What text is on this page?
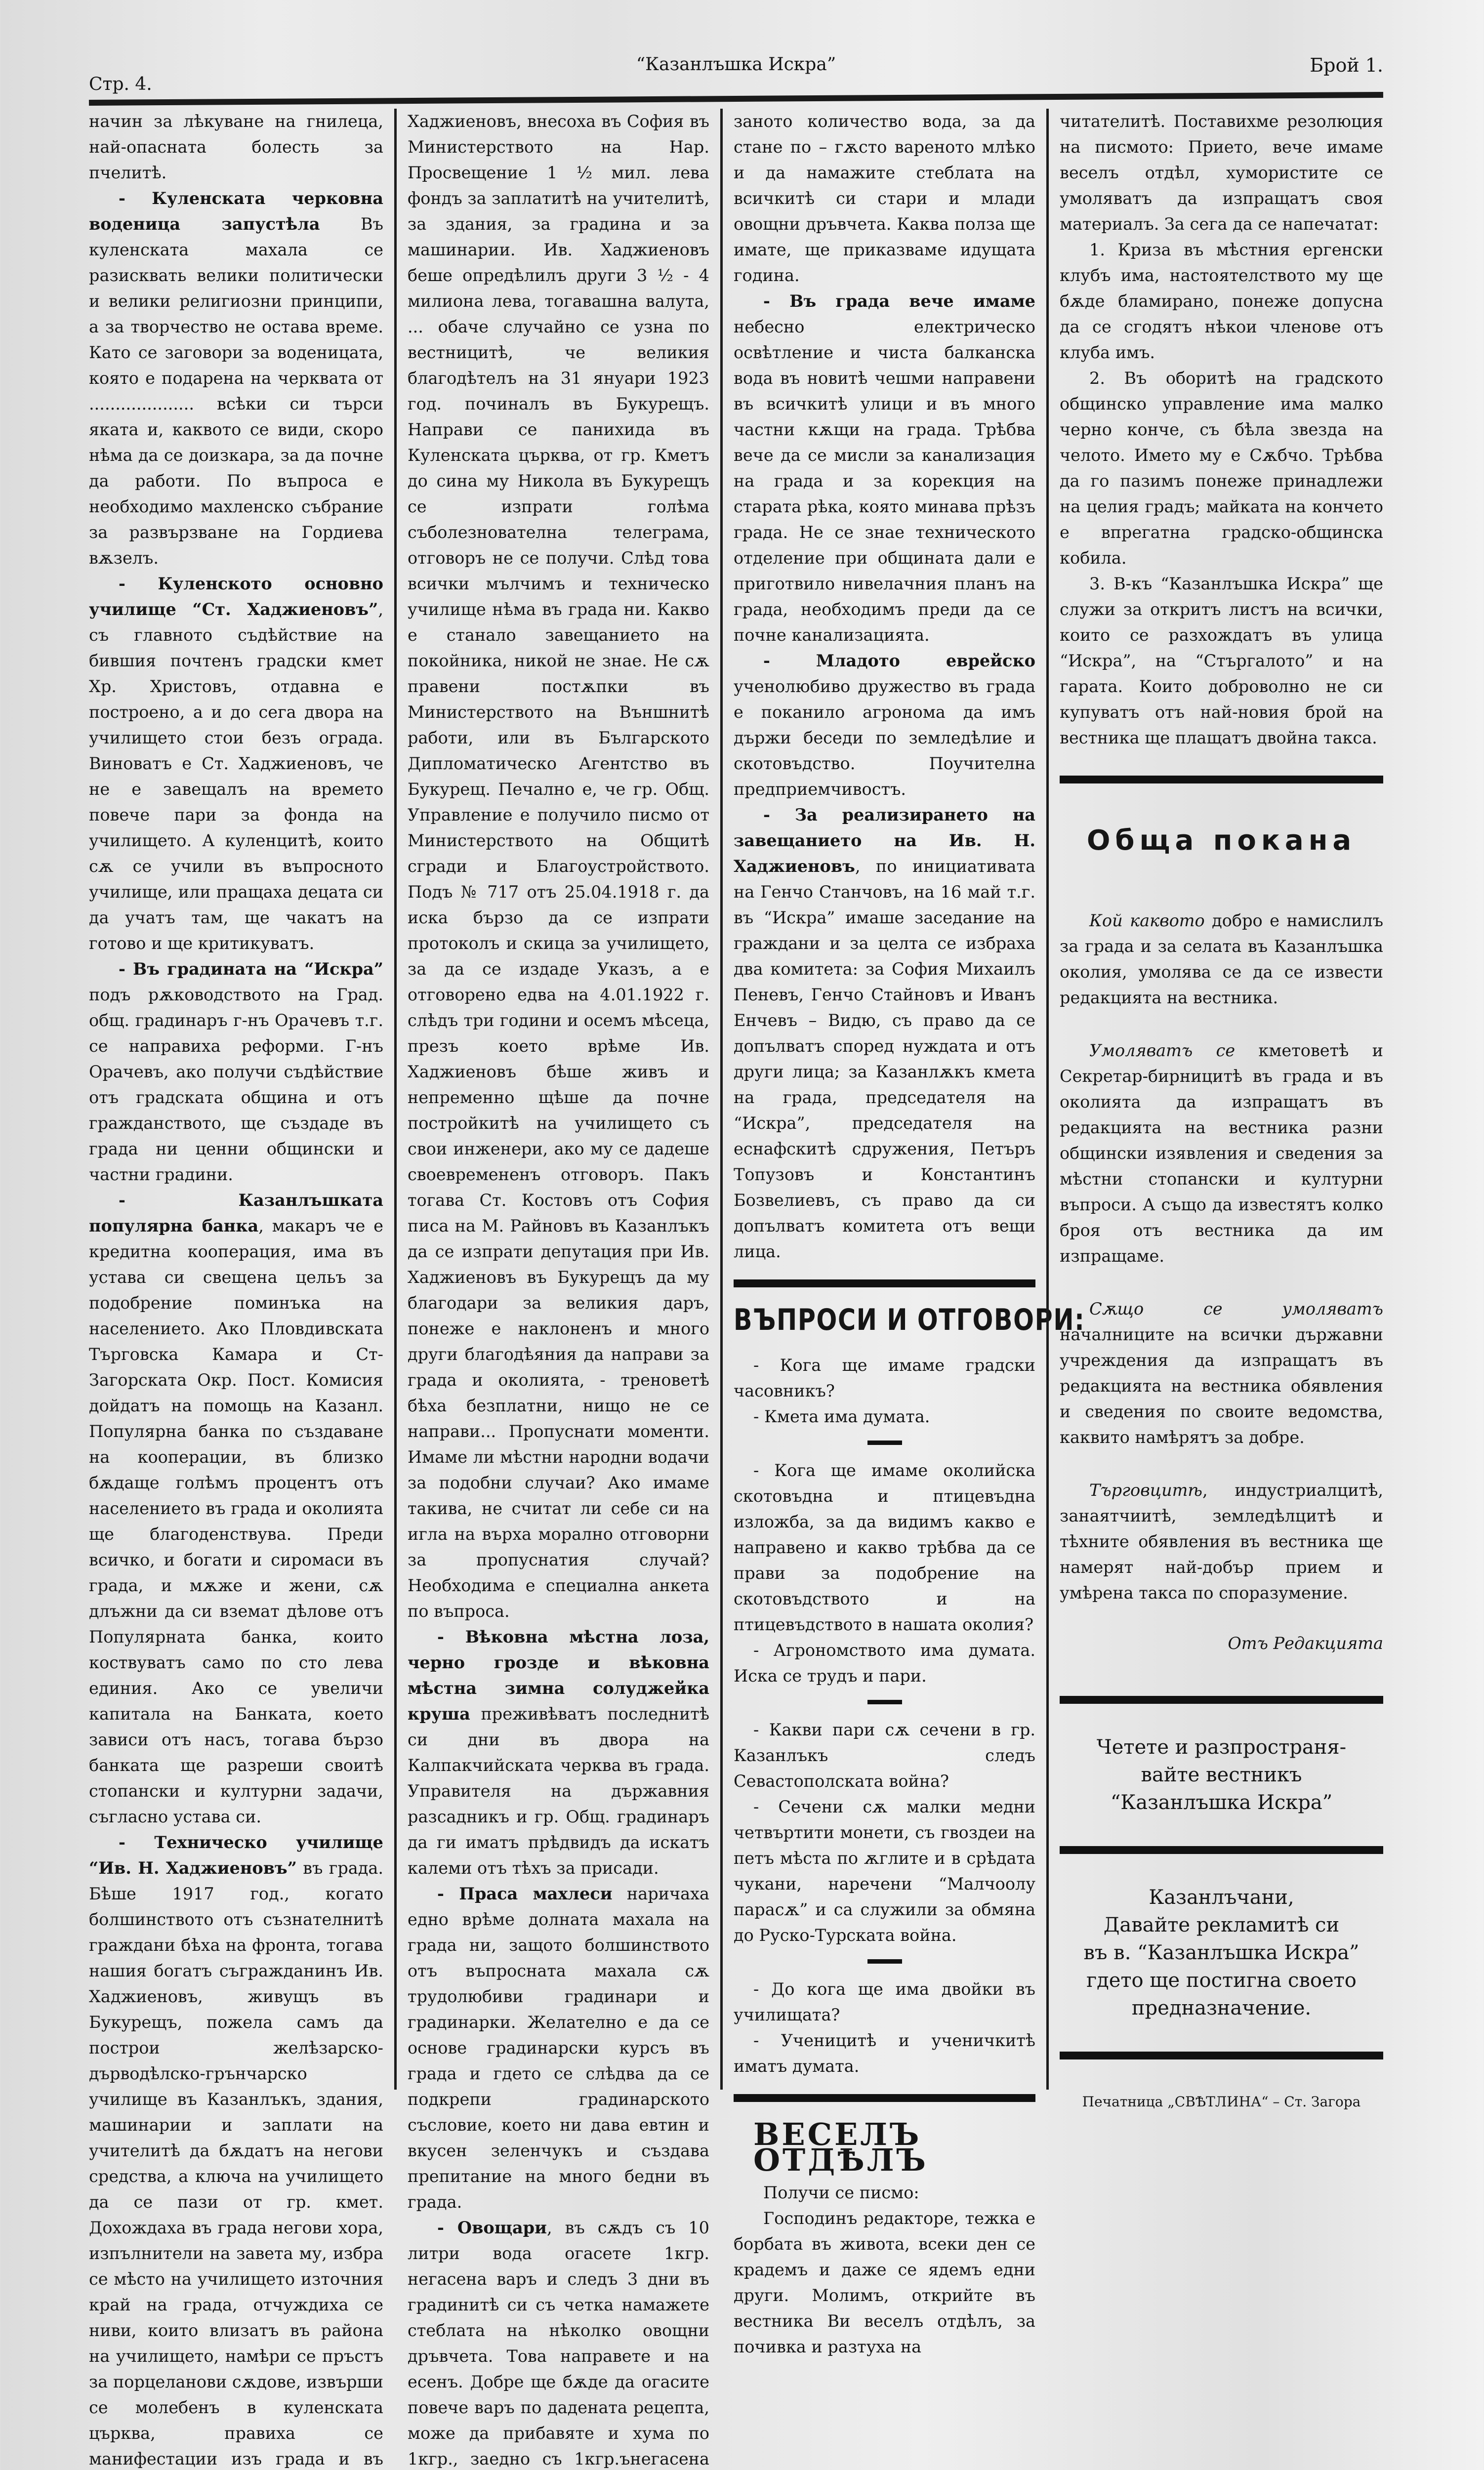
Стр. 4.
“Казанлъшка Искра”	Брой 1.

начин за лѣкуване на гнилеца, най-опасната болесть за пчелитѣ.

- Куленската черковна воденица запустѣла Въ куленската махала се разисквать велики политически и велики религиозни принципи, а за творчество не остава време. Като се заговори за воденицата, която е подарена на черквата от .................... всѣки си търси яката и, каквото се види, скоро нѣма да се доизкара, за да почне да работи. По въпроса е необходимо махленско събрание за развързване на Гордиева вѫзелъ.

- Куленското основно училище “Ст. Хаджиеновъ”, съ главното съдѣйствие на бившия почтенъ градски кмет Хр. Христовъ, отдавна е построено, а и до сега двора на училището стои безъ ограда. Виноватъ е Ст. Хаджиеновъ, че не е завещалъ на времето повече пари за фонда на училището. А куленцитѣ, които сѫ се учили въ въпросното училище, или пращаха децата си да учатъ там, ще чакатъ на готово и ще критикуватъ.

- Въ градината на “Искра” подъ рѫководството на Град. общ. градинаръ г-нъ Орачевъ т.г. се направиха реформи. Г-нъ Орачевъ, ако получи съдѣйствие отъ градската община и отъ гражданството, ще създаде въ града ни ценни общински и частни градини.

- Казанлъшката популярна банка, макаръ че е кредитна кооперация, има въ устава си свещена цельъ за подобрение поминъка на населението. Ако Пловдивската Търговска Камара и Ст-Загорската Окр. Пост. Комисия дойдатъ на помощь на Казанл. Популярна банка по създаване на кооперации, въ близко бѫдаще голѣмъ процентъ отъ населението въ града и околията ще благоденствува. Преди всичко, и богати и сиромаси въ града, и мѫже и жени, сѫ длъжни да си вземат дѣлове отъ Популярната банка, които коствуватъ само по сто лева единия. Ако се увеличи капитала на Банката, което зависи отъ насъ, тогава бързо банката ще разреши своитѣ стопански и културни задачи, съгласно устава си.

- Техническо училище “Ив. Н. Хаджиеновъ” въ града. Бѣше 1917 год., когато болшинството отъ съзнателнитѣ граждани бѣха на фронта, тогава нашия богатъ съгражданинъ Ив. Хаджиеновъ, живущъ въ Букурещъ, пожела самъ да построи желѣзарско-дърводѣлско-грънчарско училище въ Казанлъкъ, здания, машинарии и заплати на учителитѣ да бѫдатъ на негови средства, а ключа на училището да се пази от гр. кмет. Дохождаха въ града негови хора, изпълнители на завета му, избра се мѣсто на училището източния край на града, отчуждиха се ниви, които влизатъ въ района на училището, намѣри се пръстъ за порцеланови сѫдове, извърши се молебенъ в куленската църква, правиха се манифестации изъ града и въ

Хаджиеновъ, внесоха въ София въ Министерството на Нар. Просвещение 1 ½ мил. лева фондъ за заплатитѣ на учителитѣ, за здания, за градина и за машинарии. Ив. Хаджиеновъ беше опредѣлилъ други 3 ½ - 4 милиона лева, тогавашна валута, ... обаче случайно се узна по вестницитѣ, че великия благодѣтелъ на 31 януари 1923 год. починалъ въ Букурещъ. Направи се панихида въ Куленската църква, от гр. Кметъ до сина му Никола въ Букурещъ се изпрати голѣма съболезнователна телеграма, отговоръ не се получи. Слѣд това всички мълчимъ и техническо училище нѣма въ града ни. Какво е станало завещанието на покойника, никой не знае. Не сѫ правени постѫпки въ Министерството на Външнитѣ работи, или въ Българското Дипломатическо Агентство въ Букурещ. Печално е, че гр. Общ. Управление е получило писмо от Министерството на Общитѣ сгради и Благоустройството. Подъ № 717 отъ 25.04.1918 г. да иска бързо да се изпрати протоколъ и скица за училището, за да се издаде Указъ, а е отговорено едва на 4.01.1922 г. слѣдъ три години и осемъ мѣсеца, презъ което врѣме Ив. Хаджиеновъ бѣше живъ и непременно щѣше да почне постройкитѣ на училището съ свои инженери, ако му се дадеше своевремененъ отговоръ. Пакъ тогава Ст. Костовъ отъ София писа на М. Райновъ въ Казанлъкъ да се изпрати депутация при Ив. Хаджиеновъ въ Букурещъ да му благодари за великия даръ, понеже е наклоненъ и много други благодѣяния да направи за града и околията, - треноветѣ бѣха безплатни, нищо не се направи... Пропуснати моменти. Имаме ли мѣстни народни водачи за подобни случаи? Ако имаме такива, не считат ли себе си на игла на върха морално отговорни за пропуснатия случай? Необходима е специална анкета по въпроса.

- Вѣковна мѣстна лоза, черно грозде и вѣковна мѣстна зимна солуджейка круша преживѣватъ последнитѣ си дни въ двора на Калпакчийската черква въ града. Управителя на държавния разсадникъ и гр. Общ. градинаръ да ги иматъ прѣдвидъ да искатъ калеми отъ тѣхъ за присади.

- Праса махлеси наричаха едно врѣме долната махала на града ни, защото болшинството отъ въпросната махала сѫ трудолюбиви градинари и градинарки. Желателно е да се основе градинарски курсъ въ града и гдето се слѣдва да се подкрепи градинарското съсловие, което ни дава евтин и вкусен зеленчукъ и създава препитание на много бедни въ града.

- Овощари, въ сѫдъ съ 10 литри вода огасете 1кгр. негасена варъ и следъ 3 дни въ градинитѣ си съ четка намажете стеблата на нѣколко овощни дръвчета. Това направете и на есенъ. Добре ще бѫде да огасите повече варъ по дадената рецепта, може да прибавяте и хума по 1кгр., заедно съ 1кгр.ънегасена

заното количество вода, за да стане по – гѫсто вареното млѣко и да намажите стеблата на всичкитѣ си стари и млади овощни дръвчета. Каква полза ще имате, ще приказваме идущата година.

- Въ града вече имаме небесно електрическо освѣтление и чиста балканска вода въ новитѣ чешми направени въ всичкитѣ улици и въ много частни кѫщи на града. Трѣбва вече да се мисли за канализация на града и за корекция на старата рѣка, която минава прѣзъ града. Не се знае техническото отделение при общината дали е приготвило нивелачния планъ на града, необходимъ преди да се почне канализацията.

- Младото еврейско ученолюбиво дружество въ града е поканило агронома да имъ държи беседи по земледѣлие и скотовъдство. Поучителна предприемчивостъ.

- За реализирането на завещанието на Ив. Н. Хаджиеновъ, по инициативата на Генчо Станчовъ, на 16 май т.г. въ “Искра” имаше заседание на граждани и за целта се избраха два комитета: за София Михаилъ Пеневъ, Генчо Стайновъ и Иванъ Енчевъ – Видю, съ право да се допълватъ според нуждата и отъ други лица; за Казанлѫкъ кмета на града, председателя на “Искра”, председателя на еснафскитѣ сдружения, Петъръ Топузовъ и Константинъ Бозвелиевъ, съ право да си допълватъ комитета отъ вещи лица.

ВЪПРОСИ И ОТГОВОРИ:

- Кога ще имаме градски часовникъ?

- Кмета има думата.

- Кога ще имаме околийска скотовъдна и птицевъдна изложба, за да видимъ какво е направено и какво трѣбва да се прави за подобрение на скотовъдството и на птицевъдството в нашата околия?

- Агрономството има думата. Иска се трудъ и пари.

- Какви пари сѫ сечени в гр. Казанлъкъ следъ Севастополската война?

- Сечени сѫ малки медни четвъртити монети, съ гвоздеи на петъ мѣста по ѫглите и в срѣдата чукани, наречени “Малчоолу парасѫ” и са служили за обмяна до Руско-Турската война.

- До кога ще има двойки въ училищата?

- Ученицитѣ и ученичкитѣ иматъ думата.

ВЕСЕЛЪ ОТДѢЛЪ

Получи се писмо:

Господинъ редакторе, тежка е борбата въ живота, всеки ден се крадемъ и даже се ядемъ едни други. Молимъ, открийте въ вестника Ви веселъ отдѣлъ, за почивка и разтуха на

читателитѣ. Поставихме резолюция на писмото: Прието, вече имаме веселъ отдѣл, хумористите се умоляватъ да изпращатъ своя материалъ. За сега да се напечатат:

1. Криза въ мѣстния ергенски клубъ има, настоятелството му ще бѫде бламирано, понеже допусна да се сгодятъ нѣкои членове отъ клуба имъ.

2. Въ оборитѣ на градското общинско управление има малко черно конче, съ бѣла звезда на челото. Името му е Сѫбчо. Трѣбва да го пазимъ понеже принадлежи на целия градъ; майката на кончето е впрегатна градско-общинска кобила.

3. В-къ “Казанлъшка Искра” ще служи за откритъ листъ на всички, които се разхождатъ въ улица “Искра”, на “Стъргалото” и на гарата. Които доброволно не си купуватъ отъ най-новия брой на вестника ще плащатъ двойна такса.

Обща покана

Кой каквото добро е намислилъ за града и за селата въ Казанлъшка околия, умолява се да се извести редакцията на вестника.

Умоляватъ се кметоветѣ и Секретар-бирницитѣ въ града и въ околията да изпращатъ въ редакцията на вестника разни общински изявления и сведения за мѣстни стопански и културни въпроси. А също да известятъ колко броя отъ вестника да им изпращаме.

Сѫщо се умоляватъ началниците на всички държавни учреждения да изпращатъ въ редакцията на вестника обявления и сведения по своите ведомства, каквито намѣрятъ за добре.

Търговцитѣ, индустриалцитѣ, занаятчиитѣ, земледѣлцитѣ и тѣхните обявления въ вестника ще намерят най-добър прием и умѣрена такса по споразумение.

Отъ Редакцията

Четете и разпространя-
вайте вестникъ
“Казанлъшка Искра”
Казанлъчани,
Давайте рекламитѣ си
въ в. “Казанлъшка Искра”
гдето ще постигна своето
предназначение.
Печатница „СВѢТЛИНА“ – Ст. Загора
